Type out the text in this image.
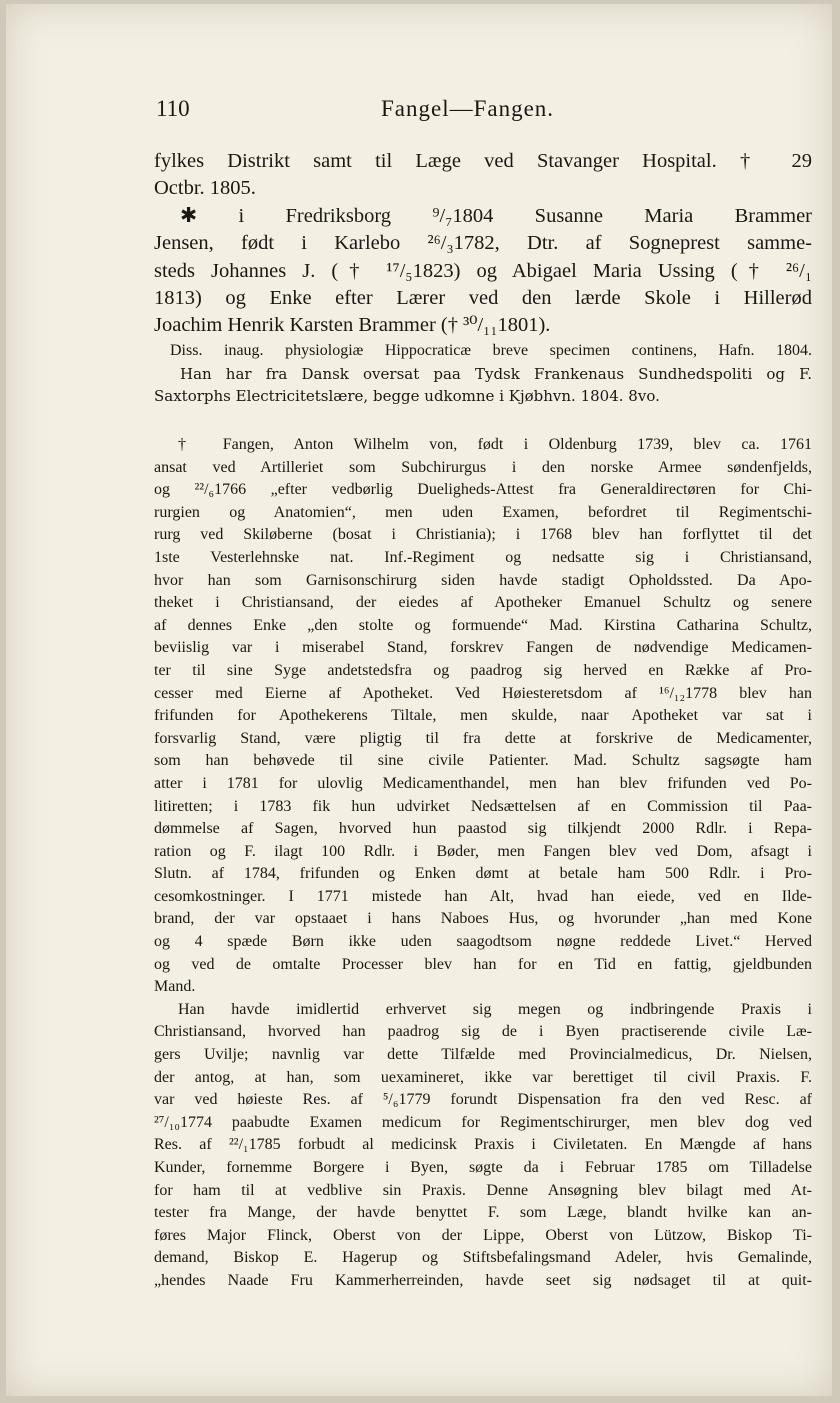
110	Fangel—Fangen.

fylkes Distrikt samt til Læge ved Stavanger Hospital. † 29

Octbr. 1805.

✱ i Fredriksborg ⁹/₇1804 Susanne Maria Brammer

Jensen, født i Karlebo ²⁶/₃1782, Dtr. af Sogneprest samme-

steds Johannes J. († ¹⁷/₅1823) og Abigael Maria Ussing († ²⁶/₁

1813) og Enke efter Lærer ved den lærde Skole i Hillerød

Joachim Henrik Karsten Brammer († ³⁰/₁₁1801).

Diss. inaug. physiologiæ Hippocraticæ breve specimen continens, Hafn. 1804.

Han har fra Dansk oversat paa Tydsk Frankenaus Sundhedspoliti og F.

Saxtorphs Electricitetslære, begge udkomne i Kjøbhvn. 1804. 8vo.

† Fangen, Anton Wilhelm von, født i Oldenburg 1739, blev ca. 1761

ansat ved Artilleriet som Subchirurgus i den norske Armee søndenfjelds,

og ²²/₆1766 „efter vedbørlig Dueligheds-Attest fra Generaldirectøren for Chi-

rurgien og Anatomien“, men uden Examen, befordret til Regimentschi-

rurg ved Skiløberne (bosat i Christiania); i 1768 blev han forflyttet til det

1ste Vesterlehnske nat. Inf.-Regiment og nedsatte sig i Christiansand,

hvor han som Garnisonschirurg siden havde stadigt Opholdssted. Da Apo-

theket i Christiansand, der eiedes af Apotheker Emanuel Schultz og senere

af dennes Enke „den stolte og formuende“ Mad. Kirstina Catharina Schultz,

beviislig var i miserabel Stand, forskrev Fangen de nødvendige Medicamen-

ter til sine Syge andetstedsfra og paadrog sig herved en Række af Pro-

cesser med Eierne af Apotheket. Ved Høiesteretsdom af ¹⁶/₁₂1778 blev han

frifunden for Apothekerens Tiltale, men skulde, naar Apotheket var sat i

forsvarlig Stand, være pligtig til fra dette at forskrive de Medicamenter,

som han behøvede til sine civile Patienter. Mad. Schultz sagsøgte ham

atter i 1781 for ulovlig Medicamenthandel, men han blev frifunden ved Po-

litiretten; i 1783 fik hun udvirket Nedsættelsen af en Commission til Paa-

dømmelse af Sagen, hvorved hun paastod sig tilkjendt 2000 Rdlr. i Repa-

ration og F. ilagt 100 Rdlr. i Bøder, men Fangen blev ved Dom, afsagt i

Slutn. af 1784, frifunden og Enken dømt at betale ham 500 Rdlr. i Pro-

cesomkostninger. I 1771 mistede han Alt, hvad han eiede, ved en Ilde-

brand, der var opstaaet i hans Naboes Hus, og hvorunder „han med Kone

og 4 spæde Børn ikke uden saagodtsom nøgne reddede Livet.“ Herved

og ved de omtalte Processer blev han for en Tid en fattig, gjeldbunden

Mand.

Han havde imidlertid erhvervet sig megen og indbringende Praxis i

Christiansand, hvorved han paadrog sig de i Byen practiserende civile Læ-

gers Uvilje; navnlig var dette Tilfælde med Provincialmedicus, Dr. Nielsen,

der antog, at han, som uexamineret, ikke var berettiget til civil Praxis. F.

var ved høieste Res. af ⁵/₆1779 forundt Dispensation fra den ved Resc. af

²⁷/₁₀1774 paabudte Examen medicum for Regimentschirurger, men blev dog ved

Res. af ²²/₁1785 forbudt al medicinsk Praxis i Civiletaten. En Mængde af hans

Kunder, fornemme Borgere i Byen, søgte da i Februar 1785 om Tilladelse

for ham til at vedblive sin Praxis. Denne Ansøgning blev bilagt med At-

tester fra Mange, der havde benyttet F. som Læge, blandt hvilke kan an-

føres Major Flinck, Oberst von der Lippe, Oberst von Lützow, Biskop Ti-

demand, Biskop E. Hagerup og Stiftsbefalingsmand Adeler, hvis Gemalinde,

„hendes Naade Fru Kammerherreinden, havde seet sig nødsaget til at quit-
